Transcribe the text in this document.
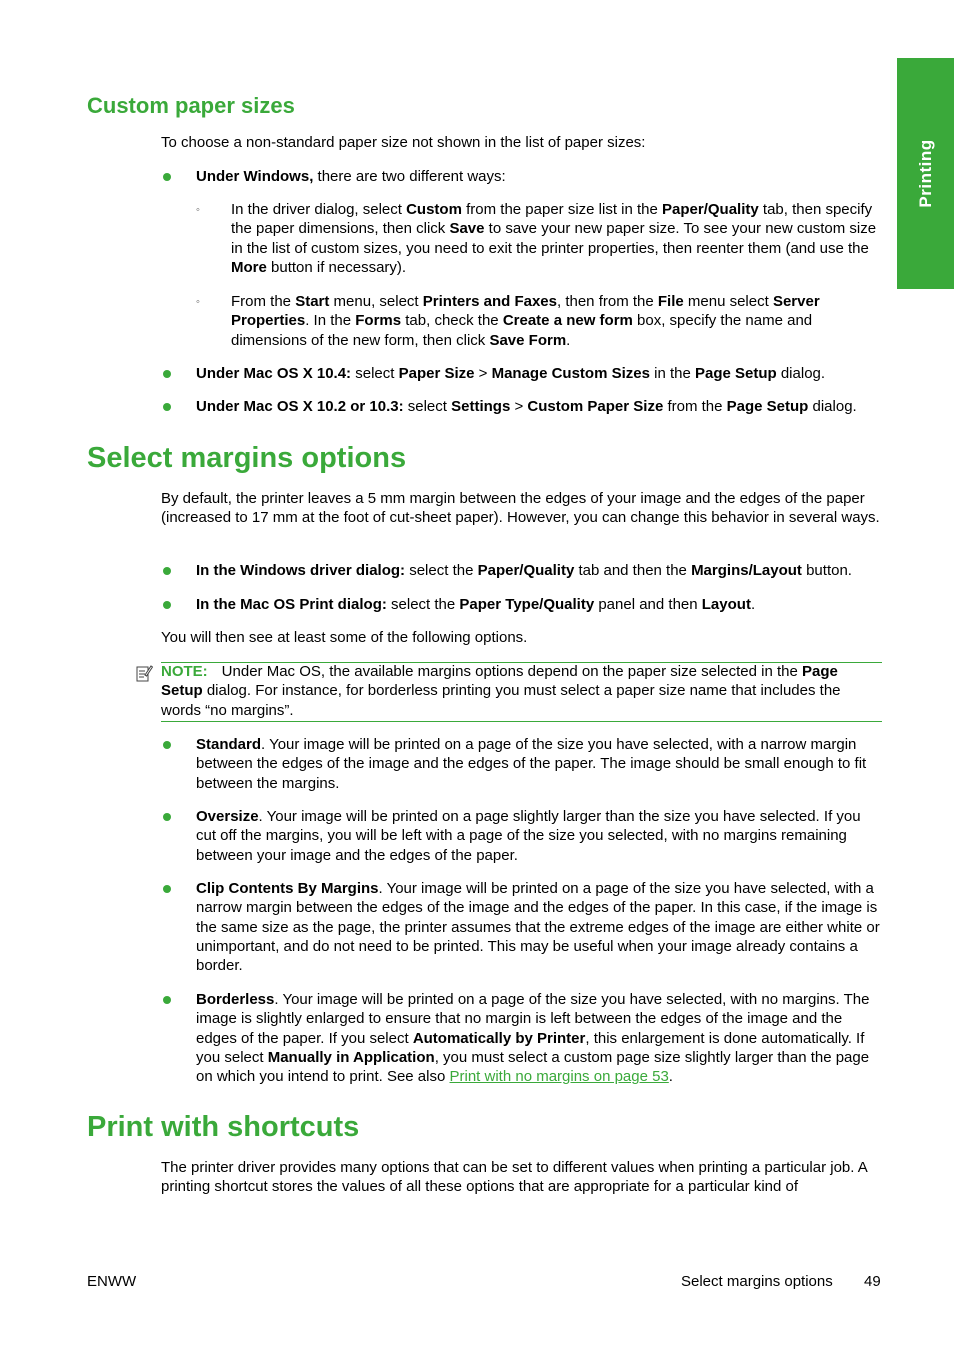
Printing
Custom paper sizes

To choose a non-standard paper size not shown in the list of paper sizes:

Under Windows, there are two different ways:

◦ In the driver dialog, select Custom from the paper size list in the Paper/Quality tab, then specify the paper dimensions, then click Save to save your new paper size. To see your new custom size in the list of custom sizes, you need to exit the printer properties, then reenter them (and use the More button if necessary).

◦ From the Start menu, select Printers and Faxes, then from the File menu select Server Properties. In the Forms tab, check the Create a new form box, specify the name and dimensions of the new form, then click Save Form.

Under Mac OS X 10.4: select Paper Size > Manage Custom Sizes in the Page Setup dialog.

Under Mac OS X 10.2 or 10.3: select Settings > Custom Paper Size from the Page Setup dialog.

Select margins options

By default, the printer leaves a 5 mm margin between the edges of your image and the edges of the paper (increased to 17 mm at the foot of cut-sheet paper). However, you can change this behavior in several ways.

In the Windows driver dialog: select the Paper/Quality tab and then the Margins/Layout button.

In the Mac OS Print dialog: select the Paper Type/Quality panel and then Layout.

You will then see at least some of the following options.

NOTE: Under Mac OS, the available margins options depend on the paper size selected in the Page Setup dialog. For instance, for borderless printing you must select a paper size name that includes the words “no margins”.

Standard. Your image will be printed on a page of the size you have selected, with a narrow margin between the edges of the image and the edges of the paper. The image should be small enough to fit between the margins.

Oversize. Your image will be printed on a page slightly larger than the size you have selected. If you cut off the margins, you will be left with a page of the size you selected, with no margins remaining between your image and the edges of the paper.

Clip Contents By Margins. Your image will be printed on a page of the size you have selected, with a narrow margin between the edges of the image and the edges of the paper. In this case, if the image is the same size as the page, the printer assumes that the extreme edges of the image are either white or unimportant, and do not need to be printed. This may be useful when your image already contains a border.

Borderless. Your image will be printed on a page of the size you have selected, with no margins. The image is slightly enlarged to ensure that no margin is left between the edges of the image and the edges of the paper. If you select Automatically by Printer, this enlargement is done automatically. If you select Manually in Application, you must select a custom page size slightly larger than the page on which you intend to print. See also Print with no margins on page 53.

Print with shortcuts

The printer driver provides many options that can be set to different values when printing a particular job. A printing shortcut stores the values of all these options that are appropriate for a particular kind of

ENWW	Select margins options 49
